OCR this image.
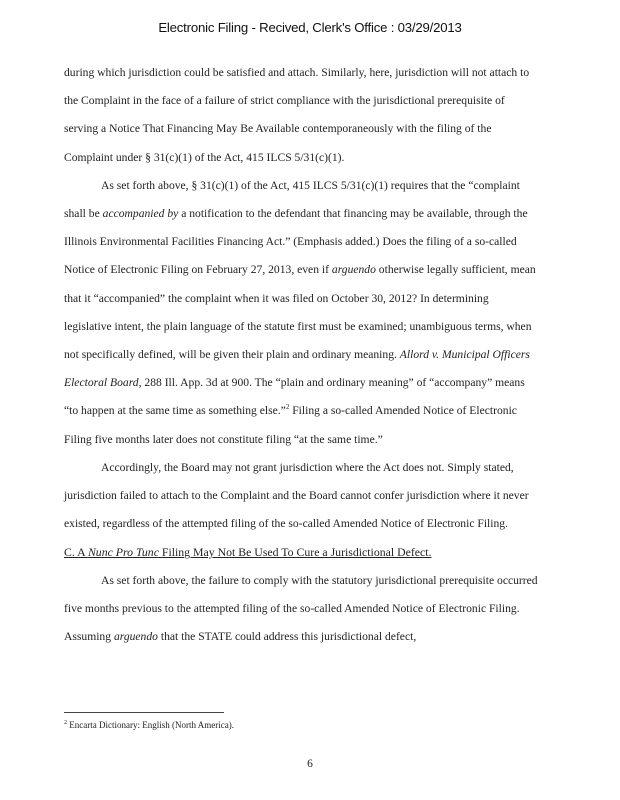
Electronic Filing - Recived, Clerk's Office : 03/29/2013

during which jurisdiction could be satisfied and attach. Similarly, here, jurisdiction will not attach to the Complaint in the face of a failure of strict compliance with the jurisdictional prerequisite of serving a Notice That Financing May Be Available contemporaneously with the filing of the Complaint under § 31(c)(1) of the Act, 415 ILCS 5/31(c)(1).

As set forth above, § 31(c)(1) of the Act, 415 ILCS 5/31(c)(1) requires that the “complaint shall be accompanied by a notification to the defendant that financing may be available, through the Illinois Environmental Facilities Financing Act.” (Emphasis added.) Does the filing of a so-called Notice of Electronic Filing on February 27, 2013, even if arguendo otherwise legally sufficient, mean that it “accompanied” the complaint when it was filed on October 30, 2012? In determining legislative intent, the plain language of the statute first must be examined; unambiguous terms, when not specifically defined, will be given their plain and ordinary meaning. Allord v. Municipal Officers Electoral Board, 288 Ill. App. 3d at 900. The “plain and ordinary meaning” of “accompany” means “to happen at the same time as something else.”$^2$ Filing a so-called Amended Notice of Electronic Filing five months later does not constitute filing “at the same time.”

Accordingly, the Board may not grant jurisdiction where the Act does not. Simply stated, jurisdiction failed to attach to the Complaint and the Board cannot confer jurisdiction where it never existed, regardless of the attempted filing of the so-called Amended Notice of Electronic Filing.

C. A Nunc Pro Tunc Filing May Not Be Used To Cure a Jurisdictional Defect.

As set forth above, the failure to comply with the statutory jurisdictional prerequisite occurred five months previous to the attempted filing of the so-called Amended Notice of Electronic Filing. Assuming arguendo that the STATE could address this jurisdictional defect,

$^2$ Encarta Dictionary: English (North America).
6
